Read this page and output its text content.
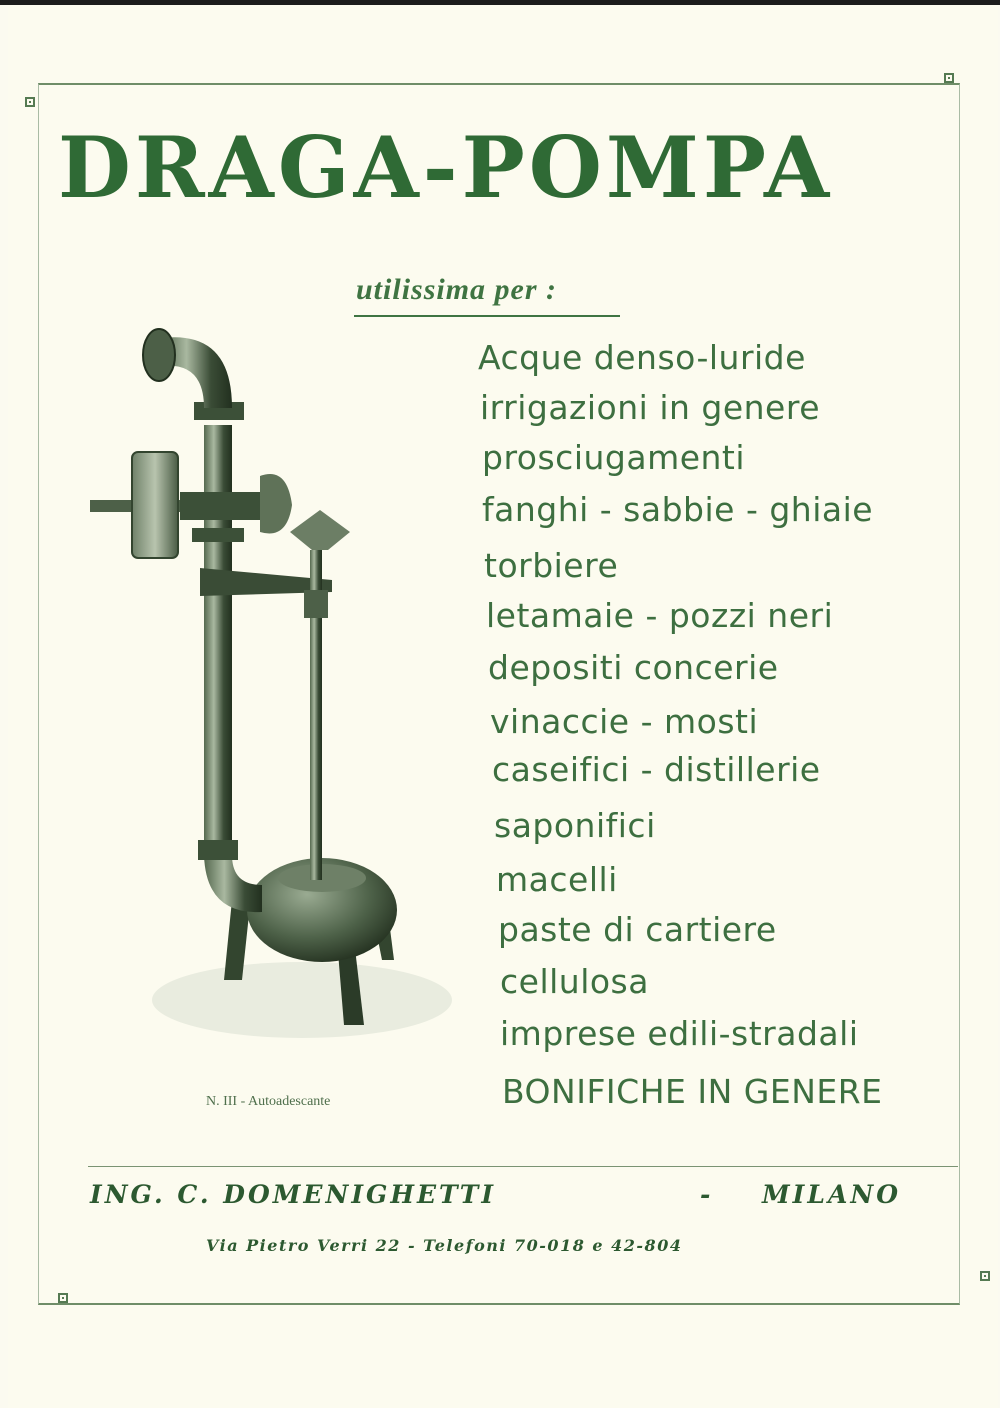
DRAGA-POMPA
utilissima per :
Acque denso-luride
irrigazioni in genere
prosciugamenti
fanghi - sabbie - ghiaie
torbiere
letamaie - pozzi neri
depositi concerie
vinaccie - mosti
caseifici - distillerie
saponifici
macelli
paste di cartiere
cellulosa
imprese edili-stradali
BONIFICHE IN GENERE
N. III - Autoadescante
ING. C. DOMENIGHETTI	- MILANO
Via Pietro Verri 22 - Telefoni 70-018 e 42-804
